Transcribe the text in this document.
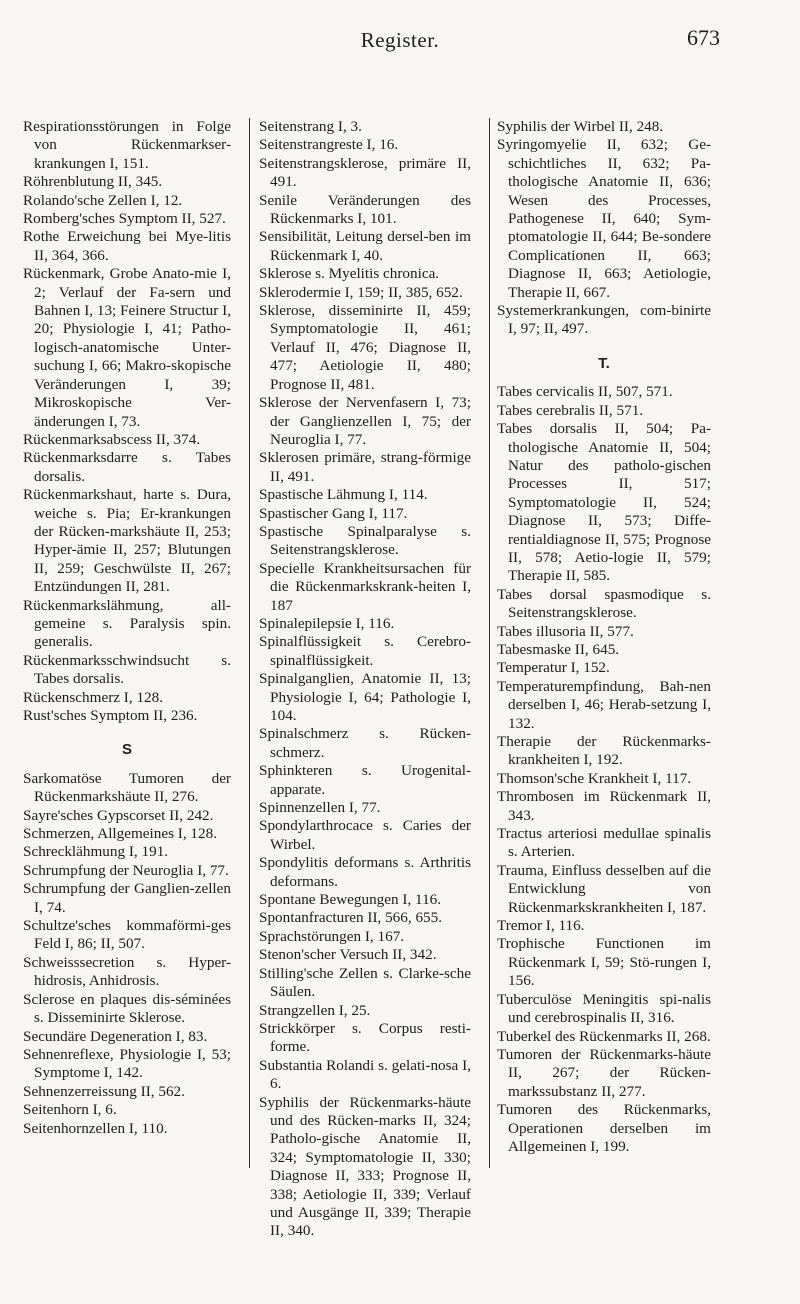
Register.	673
Respirationsstörungen in Folge von Rückenmarkser-krankungen I, 151.
Röhrenblutung II, 345.
Rolando'sche Zellen I, 12.
Romberg'sches Symptom II, 527.
Rothe Erweichung bei Mye-litis II, 364, 366.
Rückenmark, Grobe Anato-mie I, 2; Verlauf der Fa-sern und Bahnen I, 13; Feinere Structur I, 20; Physiologie I, 41; Patho-logisch-anatomische Unter-suchung I, 66; Makro-skopische Veränderungen I, 39; Mikroskopische Ver-änderungen I, 73.
Rückenmarksabscess II, 374.
Rückenmarksdarre s. Tabes dorsalis.
Rückenmarkshaut, harte s. Dura, weiche s. Pia; Er-krankungen der Rücken-markshäute II, 253; Hyper-ämie II, 257; Blutungen II, 259; Geschwülste II, 267; Entzündungen II, 281.
Rückenmarkslähmung, all-gemeine s. Paralysis spin. generalis.
Rückenmarksschwindsucht s. Tabes dorsalis.
Rückenschmerz I, 128.
Rust'sches Symptom II, 236.
S
Sarkomatöse Tumoren der Rückenmarkshäute II, 276.
Sayre'sches Gypscorset II, 242.
Schmerzen, Allgemeines I, 128.
Schrecklähmung I, 191.
Schrumpfung der Neuroglia I, 77.
Schrumpfung der Ganglien-zellen I, 74.
Schultze'sches kommaförmi-ges Feld I, 86; II, 507.
Schweisssecretion s. Hyper-hidrosis, Anhidrosis.
Sclerose en plaques dis-séminées s. Disseminirte Sklerose.
Secundäre Degeneration I, 83.
Sehnenreflexe, Physiologie I, 53; Symptome I, 142.
Sehnenzerreissung II, 562.
Seitenhorn I, 6.
Seitenhornzellen I, 110.
Seitenstrang I, 3.
Seitenstrangreste I, 16.
Seitenstrangsklerose, primäre II, 491.
Senile Veränderungen des Rückenmarks I, 101.
Sensibilität, Leitung dersel-ben im Rückenmark I, 40.
Sklerose s. Myelitis chronica.
Sklerodermie I, 159; II, 385, 652.
Sklerose, disseminirte II, 459; Symptomatologie II, 461; Verlauf II, 476; Diagnose II, 477; Aetiologie II, 480; Prognose II, 481.
Sklerose der Nervenfasern I, 73; der Ganglienzellen I, 75; der Neuroglia I, 77.
Sklerosen primäre, strang-förmige II, 491.
Spastische Lähmung I, 114.
Spastischer Gang I, 117.
Spastische Spinalparalyse s. Seitenstrangsklerose.
Specielle Krankheitsursachen für die Rückenmarkskrank-heiten I, 187
Spinalepilepsie I, 116.
Spinalflüssigkeit s. Cerebro-spinalflüssigkeit.
Spinalganglien, Anatomie II, 13; Physiologie I, 64; Pathologie I, 104.
Spinalschmerz s. Rücken-schmerz.
Sphinkteren s. Urogenital-apparate.
Spinnenzellen I, 77.
Spondylarthrocace s. Caries der Wirbel.
Spondylitis deformans s. Arthritis deformans.
Spontane Bewegungen I, 116.
Spontanfracturen II, 566, 655.
Sprachstörungen I, 167.
Stenon'scher Versuch II, 342.
Stilling'sche Zellen s. Clarke-sche Säulen.
Strangzellen I, 25.
Strickkörper s. Corpus resti-forme.
Substantia Rolandi s. gelati-nosa I, 6.
Syphilis der Rückenmarks-häute und des Rücken-marks II, 324; Patholo-gische Anatomie II, 324; Symptomatologie II, 330; Diagnose II, 333; Prognose II, 338; Aetiologie II, 339; Verlauf und Ausgänge II, 339; Therapie II, 340.
Syphilis der Wirbel II, 248.
Syringomyelie II, 632; Ge-schichtliches II, 632; Pa-thologische Anatomie II, 636; Wesen des Processes, Pathogenese II, 640; Sym-ptomatologie II, 644; Be-sondere Complicationen II, 663; Diagnose II, 663; Aetiologie, Therapie II, 667.
Systemerkrankungen, com-binirte I, 97; II, 497.
T.
Tabes cervicalis II, 507, 571.
Tabes cerebralis II, 571.
Tabes dorsalis II, 504; Pa-thologische Anatomie II, 504; Natur des patholo-gischen Processes II, 517; Symptomatologie II, 524; Diagnose II, 573; Diffe-rentialdiagnose II, 575; Prognose II, 578; Aetio-logie II, 579; Therapie II, 585.
Tabes dorsal spasmodique s. Seitenstrangsklerose.
Tabes illusoria II, 577.
Tabesmaske II, 645.
Temperatur I, 152.
Temperaturempfindung, Bah-nen derselben I, 46; Herab-setzung I, 132.
Therapie der Rückenmarks-krankheiten I, 192.
Thomson'sche Krankheit I, 117.
Thrombosen im Rückenmark II, 343.
Tractus arteriosi medullae spinalis s. Arterien.
Trauma, Einfluss desselben auf die Entwicklung von Rückenmarkskrankheiten I, 187.
Tremor I, 116.
Trophische Functionen im Rückenmark I, 59; Stö-rungen I, 156.
Tuberculöse Meningitis spi-nalis und cerebrospinalis II, 316.
Tuberkel des Rückenmarks II, 268.
Tumoren der Rückenmarks-häute II, 267; der Rücken-markssubstanz II, 277.
Tumoren des Rückenmarks, Operationen derselben im Allgemeinen I, 199.
